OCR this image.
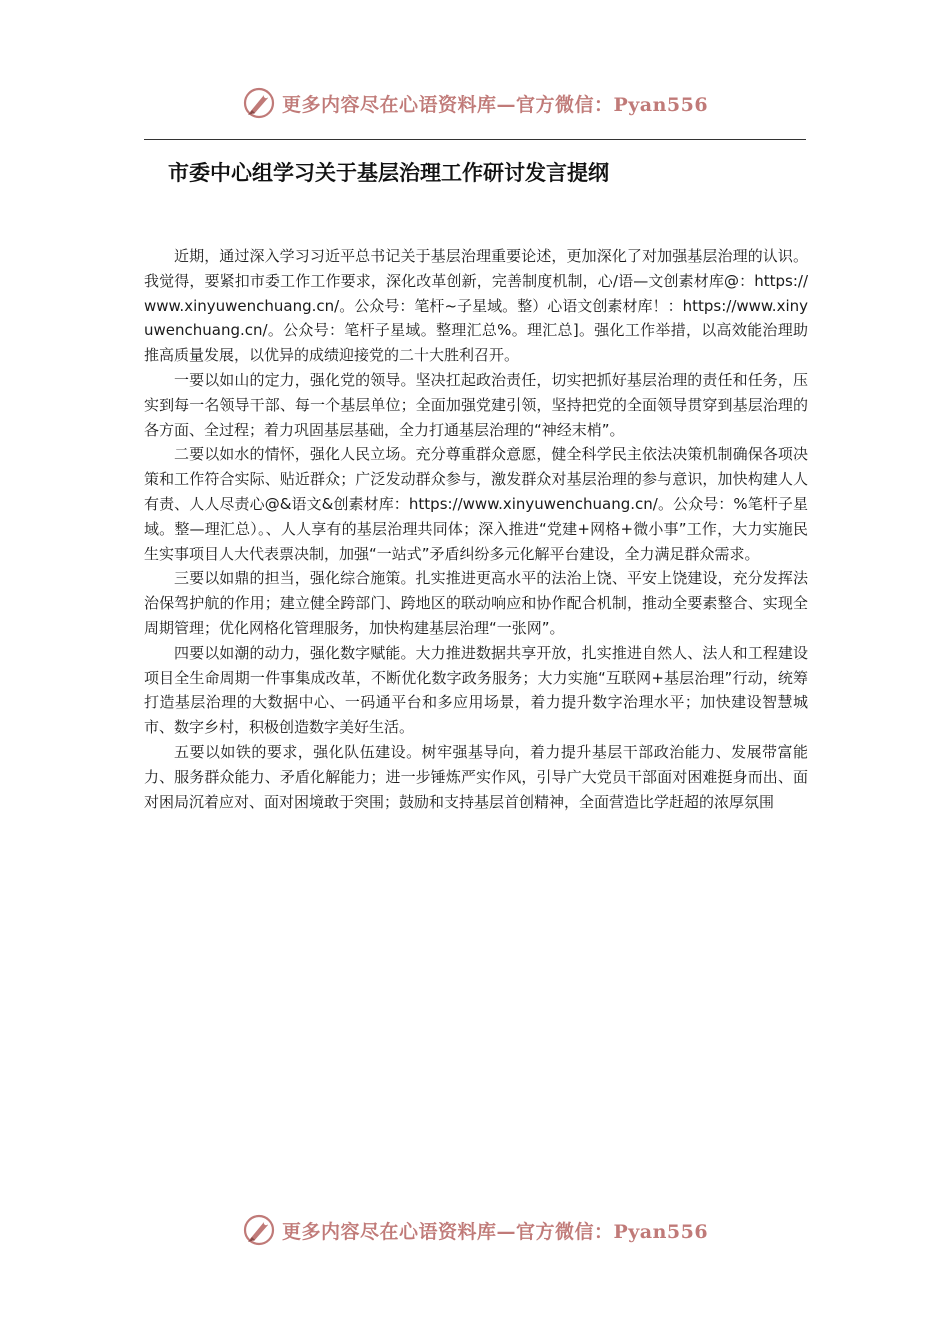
更多内容尽在心语资料库—官方微信：Pyan556
市委中心组学习关于基层治理工作研讨发言提纲

近期，通过深入学习习近平总书记关于基层治理重要论述，更加深化了对加强基层治理的认识。我觉得，要紧扣市委工作工作要求，深化改革创新，完善制度机制，心/语—文创素材库@：https://www.xinyuwenchuang.cn/。公众号：笔杆~子星域。整）心语文创素材库！：https://www.xinyuwenchuang.cn/。公众号：笔杆子星域。整理汇总%。理汇总]。强化工作举措，以高效能治理助推高质量发展，以优异的成绩迎接党的二十大胜利召开。

一要以如山的定力，强化党的领导。坚决扛起政治责任，切实把抓好基层治理的责任和任务，压实到每一名领导干部、每一个基层单位；全面加强党建引领，坚持把党的全面领导贯穿到基层治理的各方面、全过程；着力巩固基层基础，全力打通基层治理的“神经末梢”。

二要以如水的情怀，强化人民立场。充分尊重群众意愿，健全科学民主依法决策机制确保各项决策和工作符合实际、贴近群众；广泛发动群众参与，激发群众对基层治理的参与意识，加快构建人人有责、人人尽责心@&语文&创素材库：https://www.xinyuwenchuang.cn/。公众号：%笔杆子星域。整—理汇总）。、人人享有的基层治理共同体；深入推进“党建+网格+微小事”工作，大力实施民生实事项目人大代表票决制，加强“一站式”矛盾纠纷多元化解平台建设，全力满足群众需求。

三要以如鼎的担当，强化综合施策。扎实推进更高水平的法治上饶、平安上饶建设，充分发挥法治保驾护航的作用；建立健全跨部门、跨地区的联动响应和协作配合机制，推动全要素整合、实现全周期管理；优化网格化管理服务，加快构建基层治理“一张网”。

四要以如潮的动力，强化数字赋能。大力推进数据共享开放，扎实推进自然人、法人和工程建设项目全生命周期一件事集成改革，不断优化数字政务服务；大力实施“互联网+基层治理”行动，统筹打造基层治理的大数据中心、一码通平台和多应用场景，着力提升数字治理水平；加快建设智慧城市、数字乡村，积极创造数字美好生活。

五要以如铁的要求，强化队伍建设。树牢强基导向，着力提升基层干部政治能力、发展带富能力、服务群众能力、矛盾化解能力；进一步锤炼严实作风，引导广大党员干部面对困难挺身而出、面对困局沉着应对、面对困境敢于突围；鼓励和支持基层首创精神，全面营造比学赶超的浓厚氛围

更多内容尽在心语资料库—官方微信：Pyan556
